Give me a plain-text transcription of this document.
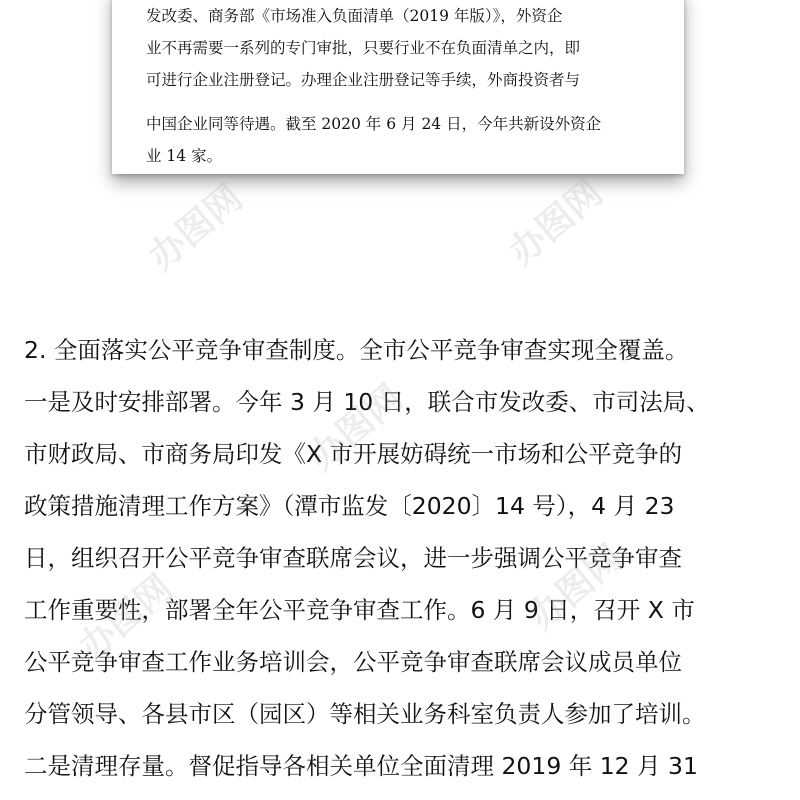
发改委、商务部《市场准入负面清单（2019 年版）》，外资企
业不再需要一系列的专门审批，只要行业不在负面清单之内，即
可进行企业注册登记。办理企业注册登记等手续，外商投资者与
中国企业同等待遇。截至 2020 年 6 月 24 日，今年共新设外资企
业 14 家。
2. 全面落实公平竞争审查制度。全市公平竞争审查实现全覆盖。
一是及时安排部署。今年 3 月 10 日，联合市发改委、市司法局、
市财政局、市商务局印发《X 市开展妨碍统一市场和公平竞争的
政策措施清理工作方案》（潭市监发〔2020〕14 号），4 月 23
日，组织召开公平竞争审查联席会议，进一步强调公平竞争审查
工作重要性，部署全年公平竞争审查工作。6 月 9 日，召开 X 市
公平竞争审查工作业务培训会，公平竞争审查联席会议成员单位
分管领导、各县市区（园区）等相关业务科室负责人参加了培训。
二是清理存量。督促指导各相关单位全面清理 2019 年 12 月 31
办图网	办图网
办图网
办图网
办图网
